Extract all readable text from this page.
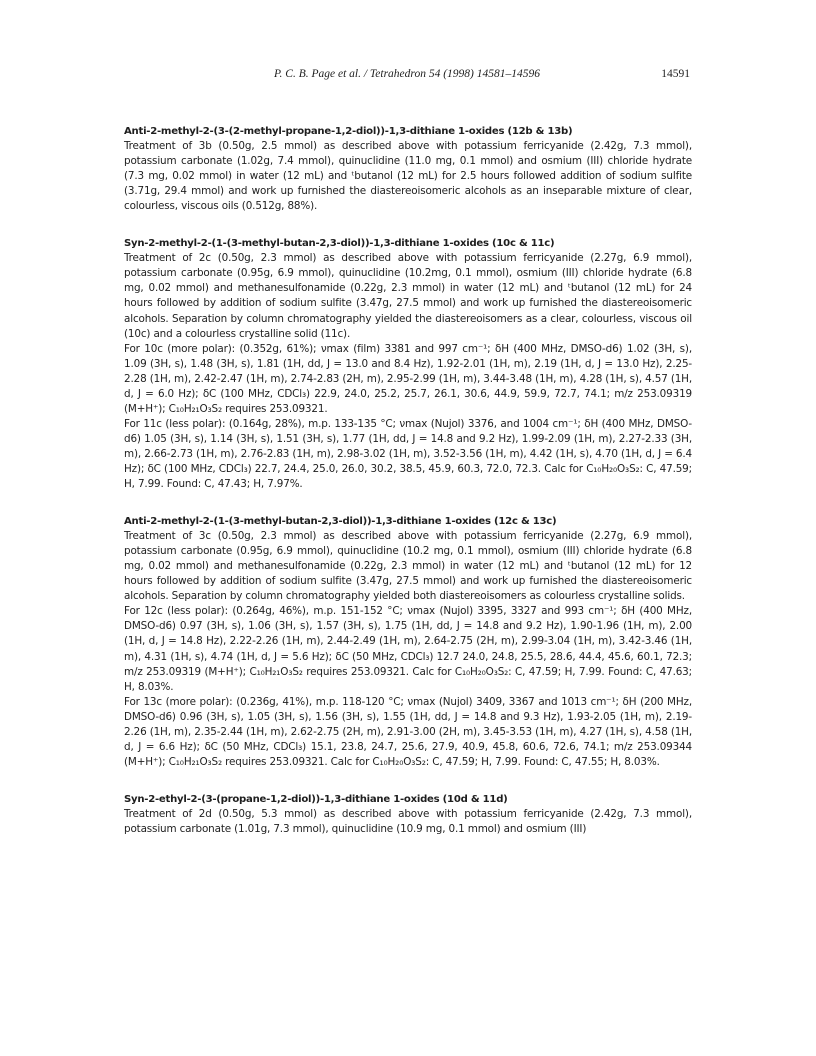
P. C. B. Page et al. / Tetrahedron 54 (1998) 14581–14596	14591

Anti-2-methyl-2-(3-(2-methyl-propane-1,2-diol))-1,3-dithiane 1-oxides (12b & 13b)

Treatment of 3b (0.50g, 2.5 mmol) as described above with potassium ferricyanide (2.42g, 7.3 mmol), potassium carbonate (1.02g, 7.4 mmol), quinuclidine (11.0 mg, 0.1 mmol) and osmium (III) chloride hydrate (7.3 mg, 0.02 mmol) in water (12 mL) and ᵗbutanol (12 mL) for 2.5 hours followed addition of sodium sulfite (3.71g, 29.4 mmol) and work up furnished the diastereoisomeric alcohols as an inseparable mixture of clear, colourless, viscous oils (0.512g, 88%).

Syn-2-methyl-2-(1-(3-methyl-butan-2,3-diol))-1,3-dithiane 1-oxides (10c & 11c)

Treatment of 2c (0.50g, 2.3 mmol) as described above with potassium ferricyanide (2.27g, 6.9 mmol), potassium carbonate (0.95g, 6.9 mmol), quinuclidine (10.2mg, 0.1 mmol), osmium (III) chloride hydrate (6.8 mg, 0.02 mmol) and methanesulfonamide (0.22g, 2.3 mmol) in water (12 mL) and ᵗbutanol (12 mL) for 24 hours followed by addition of sodium sulfite (3.47g, 27.5 mmol) and work up furnished the diastereoisomeric alcohols. Separation by column chromatography yielded the diastereoisomers as a clear, colourless, viscous oil (10c) and a colourless crystalline solid (11c).

For 10c (more polar): (0.352g, 61%); νmax (film) 3381 and 997 cm⁻¹; δH (400 MHz, DMSO-d6) 1.02 (3H, s), 1.09 (3H, s), 1.48 (3H, s), 1.81 (1H, dd, J = 13.0 and 8.4 Hz), 1.92-2.01 (1H, m), 2.19 (1H, d, J = 13.0 Hz), 2.25-2.28 (1H, m), 2.42-2.47 (1H, m), 2.74-2.83 (2H, m), 2.95-2.99 (1H, m), 3.44-3.48 (1H, m), 4.28 (1H, s), 4.57 (1H, d, J = 6.0 Hz); δC (100 MHz, CDCl₃) 22.9, 24.0, 25.2, 25.7, 26.1, 30.6, 44.9, 59.9, 72.7, 74.1; m/z 253.09319 (M+H⁺); C₁₀H₂₁O₃S₂ requires 253.09321.

For 11c (less polar): (0.164g, 28%), m.p. 133-135 °C; νmax (Nujol) 3376, and 1004 cm⁻¹; δH (400 MHz, DMSO-d6) 1.05 (3H, s), 1.14 (3H, s), 1.51 (3H, s), 1.77 (1H, dd, J = 14.8 and 9.2 Hz), 1.99-2.09 (1H, m), 2.27-2.33 (3H, m), 2.66-2.73 (1H, m), 2.76-2.83 (1H, m), 2.98-3.02 (1H, m), 3.52-3.56 (1H, m), 4.42 (1H, s), 4.70 (1H, d, J = 6.4 Hz); δC (100 MHz, CDCl₃) 22.7, 24.4, 25.0, 26.0, 30.2, 38.5, 45.9, 60.3, 72.0, 72.3. Calc for C₁₀H₂₀O₃S₂: C, 47.59; H, 7.99. Found: C, 47.43; H, 7.97%.

Anti-2-methyl-2-(1-(3-methyl-butan-2,3-diol))-1,3-dithiane 1-oxides (12c & 13c)

Treatment of 3c (0.50g, 2.3 mmol) as described above with potassium ferricyanide (2.27g, 6.9 mmol), potassium carbonate (0.95g, 6.9 mmol), quinuclidine (10.2 mg, 0.1 mmol), osmium (III) chloride hydrate (6.8 mg, 0.02 mmol) and methanesulfonamide (0.22g, 2.3 mmol) in water (12 mL) and ᵗbutanol (12 mL) for 12 hours followed by addition of sodium sulfite (3.47g, 27.5 mmol) and work up furnished the diastereoisomeric alcohols. Separation by column chromatography yielded both diastereoisomers as colourless crystalline solids.

For 12c (less polar): (0.264g, 46%), m.p. 151-152 °C; νmax (Nujol) 3395, 3327 and 993 cm⁻¹; δH (400 MHz, DMSO-d6) 0.97 (3H, s), 1.06 (3H, s), 1.57 (3H, s), 1.75 (1H, dd, J = 14.8 and 9.2 Hz), 1.90-1.96 (1H, m), 2.00 (1H, d, J = 14.8 Hz), 2.22-2.26 (1H, m), 2.44-2.49 (1H, m), 2.64-2.75 (2H, m), 2.99-3.04 (1H, m), 3.42-3.46 (1H, m), 4.31 (1H, s), 4.74 (1H, d, J = 5.6 Hz); δC (50 MHz, CDCl₃) 12.7 24.0, 24.8, 25.5, 28.6, 44.4, 45.6, 60.1, 72.3; m/z 253.09319 (M+H⁺); C₁₀H₂₁O₃S₂ requires 253.09321. Calc for C₁₀H₂₀O₃S₂: C, 47.59; H, 7.99. Found: C, 47.63; H, 8.03%.

For 13c (more polar): (0.236g, 41%), m.p. 118-120 °C; νmax (Nujol) 3409, 3367 and 1013 cm⁻¹; δH (200 MHz, DMSO-d6) 0.96 (3H, s), 1.05 (3H, s), 1.56 (3H, s), 1.55 (1H, dd, J = 14.8 and 9.3 Hz), 1.93-2.05 (1H, m), 2.19-2.26 (1H, m), 2.35-2.44 (1H, m), 2.62-2.75 (2H, m), 2.91-3.00 (2H, m), 3.45-3.53 (1H, m), 4.27 (1H, s), 4.58 (1H, d, J = 6.6 Hz); δC (50 MHz, CDCl₃) 15.1, 23.8, 24.7, 25.6, 27.9, 40.9, 45.8, 60.6, 72.6, 74.1; m/z 253.09344 (M+H⁺); C₁₀H₂₁O₃S₂ requires 253.09321. Calc for C₁₀H₂₀O₃S₂: C, 47.59; H, 7.99. Found: C, 47.55; H, 8.03%.

Syn-2-ethyl-2-(3-(propane-1,2-diol))-1,3-dithiane 1-oxides (10d & 11d)

Treatment of 2d (0.50g, 5.3 mmol) as described above with potassium ferricyanide (2.42g, 7.3 mmol), potassium carbonate (1.01g, 7.3 mmol), quinuclidine (10.9 mg, 0.1 mmol) and osmium (III)
